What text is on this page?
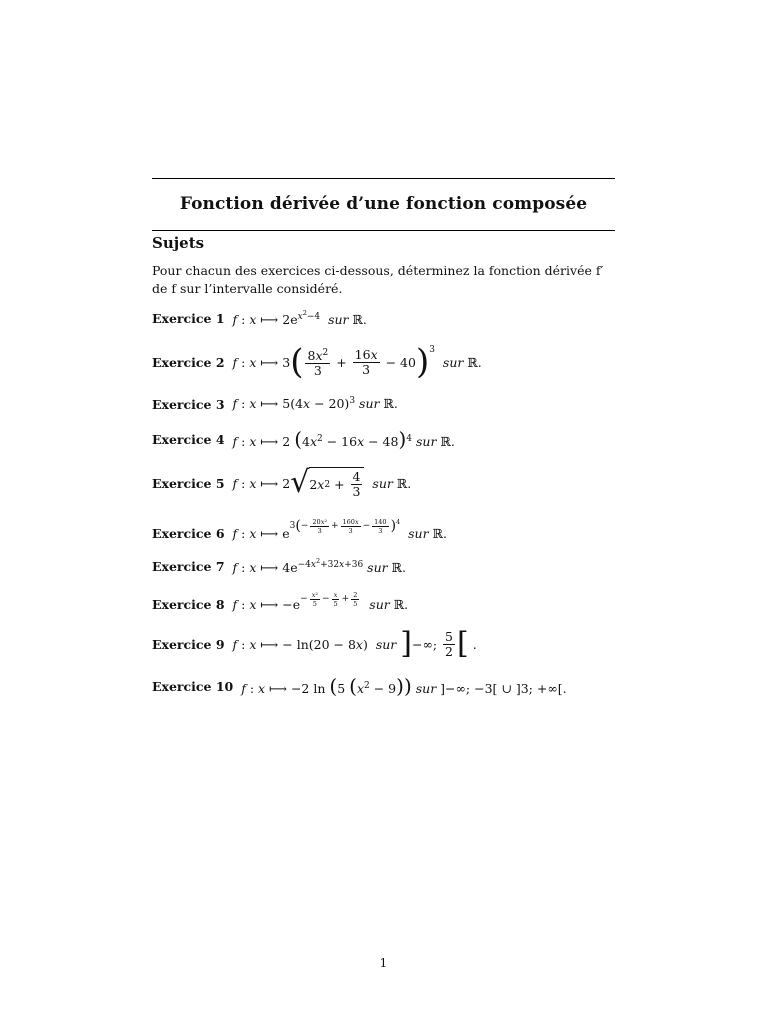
Fonction dérivée d’une fonction composée
Sujets
Pour chacun des exercices ci-dessous, déterminez la fonction dérivée f′ de f sur l’intervalle considéré.
Exercice 1 f : x ⟼ $2e^{x^2-4}$ sur ℝ.
Exercice 2 f : x ⟼ 3 ( $\frac{8x^2}{3} + \frac{16x}{3} - 40$ )$^3$

sur
ℝ.
Exercice 3 f : x ⟼ $5(4x - 20)^3$ sur ℝ.
Exercice 4 f : x ⟼ 2 $(4x^2 - 16x - 48)^4$ sur ℝ.
Exercice 5 f : x ⟼ 2 √ 2 x $2 + \frac{4}{3}$
sur
ℝ.
Exercice 6 f : x ⟼ e 3 ( − $\frac{\text{20x²}}{3} + \frac{160x}{3} - \frac{140}{3} )^4$

sur
ℝ.
Exercice 7 f : x ⟼ $4e^{-4x^2+32x+36}$ sur ℝ.
Exercice 8 f : x ⟼ $-e - \frac{\text{x²}}{5} - \frac{x}{5} + \frac{2}{5}$
sur
ℝ.
Exercice 9 f : x ⟼ − ln(20 − 8 x ) sur
] −∞; $\frac{5}{2}$ [ .
Exercice 10 f : x ⟼ −2 ln (5 $(x^2 - 9)$) sur ]−∞; −3[ ∪ ]3; +∞[.
1
